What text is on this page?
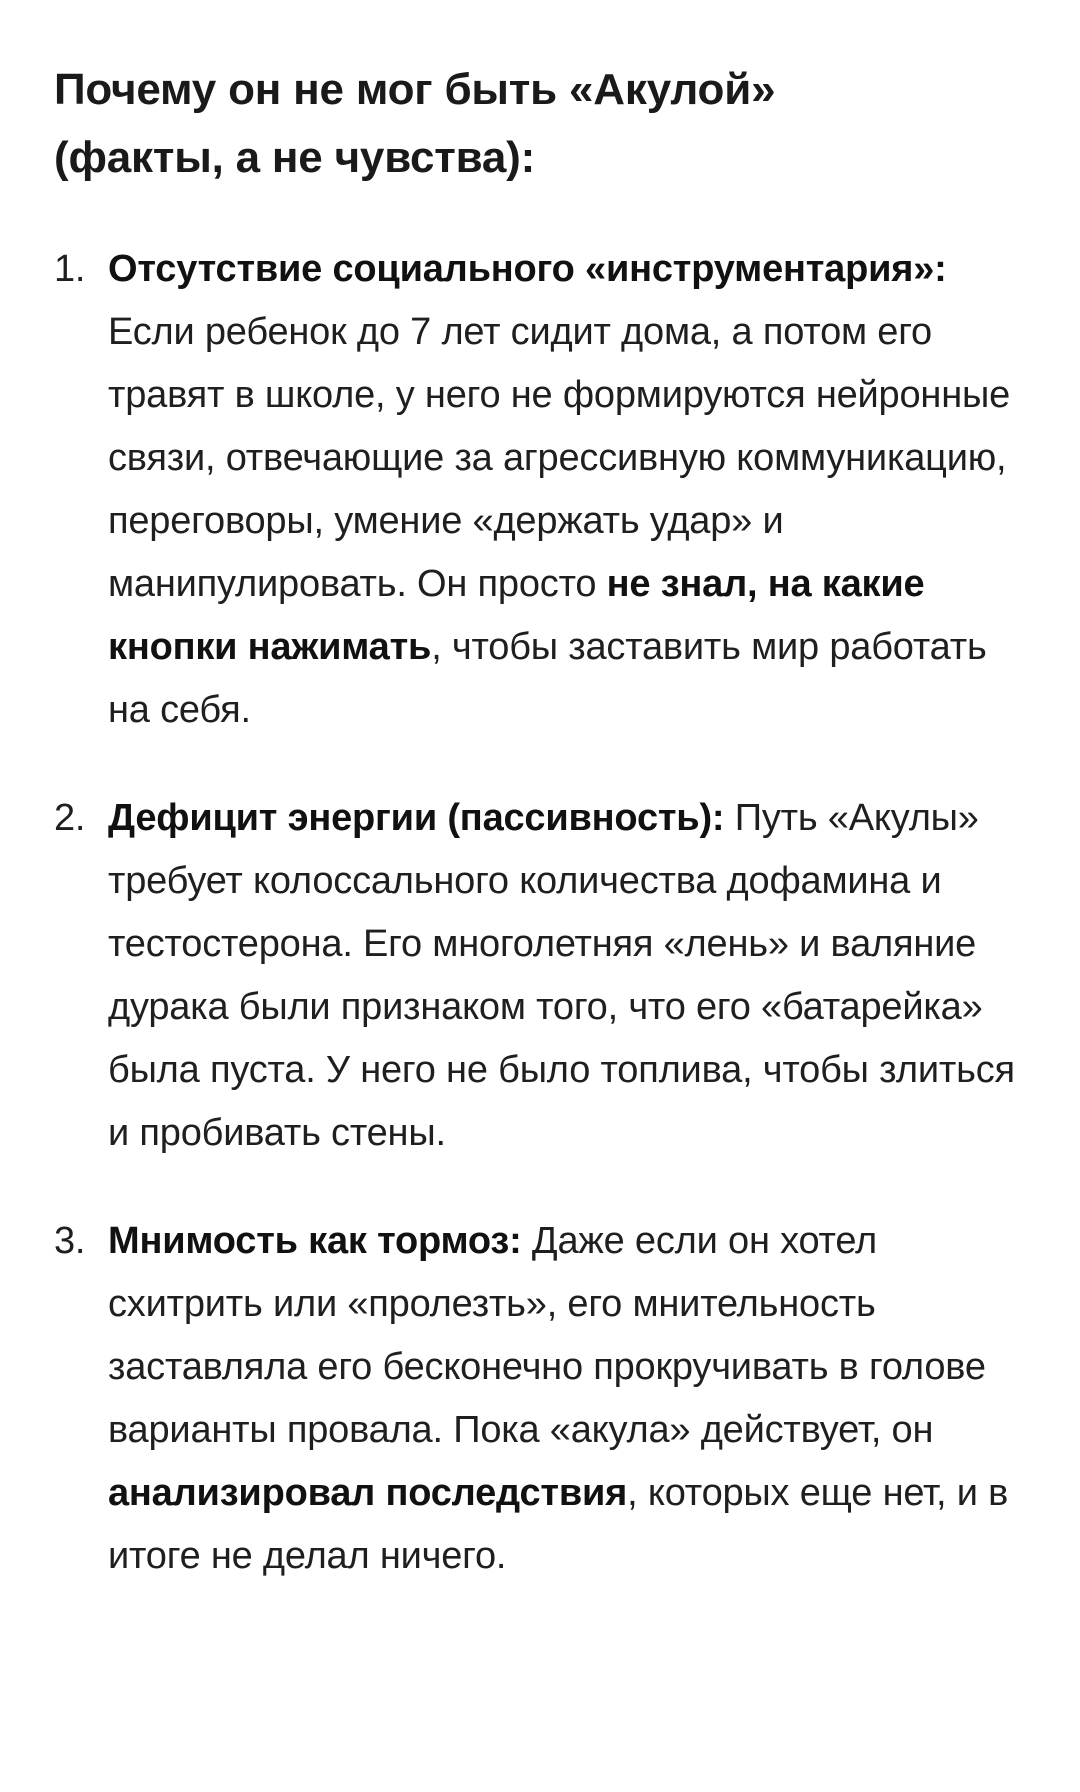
Почему он не мог быть «Акулой»
(факты, а не чувства):
1. Отсутствие социального «инструментария»: Если ребенок до 7 лет сидит дома, а потом его травят в школе, у него не формируются нейронные связи, отвечающие за агрессивную коммуникацию, переговоры, умение «держать удар» и манипулировать. Он просто не знал, на какие кнопки нажимать, чтобы заставить мир работать на себя.
2. Дефицит энергии (пассивность): Путь «Акулы» требует колоссального количества дофамина и тестостерона. Его многолетняя «лень» и валяние дурака были признаком того, что его «батарейка» была пуста. У него не было топлива, чтобы злиться и пробивать стены.
3. Мнимость как тормоз: Даже если он хотел схитрить или «пролезть», его мнительность заставляла его бесконечно прокручивать в голове варианты провала. Пока «акула» действует, он анализировал последствия, которых еще нет, и в итоге не делал ничего.
